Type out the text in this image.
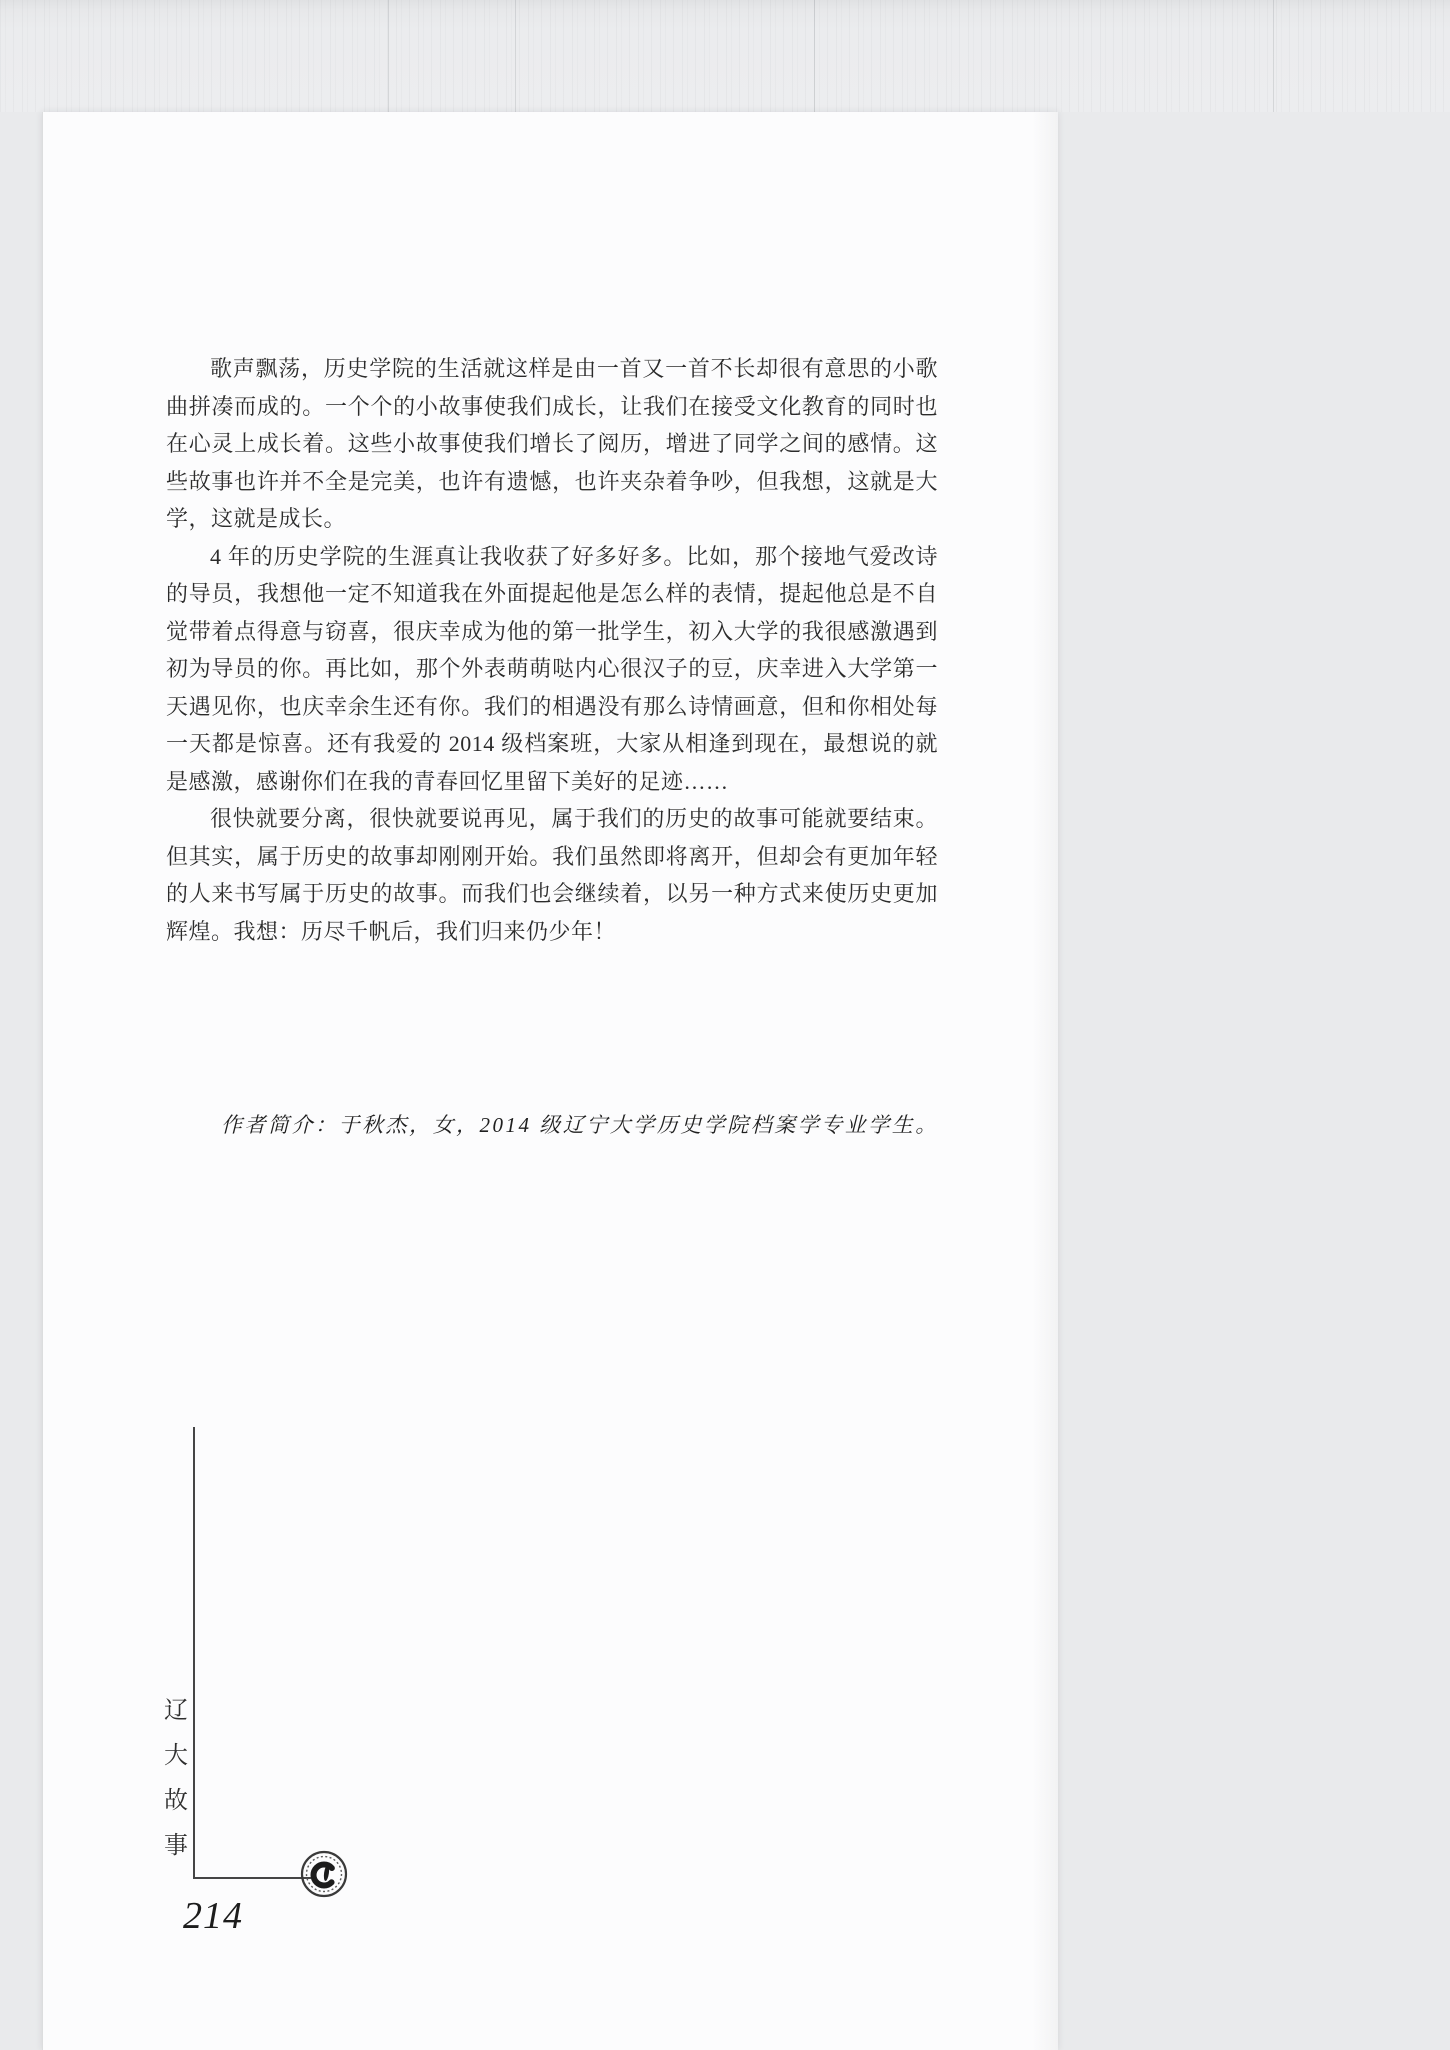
歌声飘荡，历史学院的生活就这样是由一首又一首不长却很有意思的小歌
曲拼凑而成的。一个个的小故事使我们成长，让我们在接受文化教育的同时也
在心灵上成长着。这些小故事使我们增长了阅历，增进了同学之间的感情。这
些故事也许并不全是完美，也许有遗憾，也许夹杂着争吵，但我想，这就是大
学，这就是成长。
4 年的历史学院的生涯真让我收获了好多好多。比如，那个接地气爱改诗
的导员，我想他一定不知道我在外面提起他是怎么样的表情，提起他总是不自
觉带着点得意与窃喜，很庆幸成为他的第一批学生，初入大学的我很感激遇到
初为导员的你。再比如，那个外表萌萌哒内心很汉子的豆，庆幸进入大学第一
天遇见你，也庆幸余生还有你。我们的相遇没有那么诗情画意，但和你相处每
一天都是惊喜。还有我爱的 2014 级档案班，大家从相逢到现在，最想说的就
是感激，感谢你们在我的青春回忆里留下美好的足迹……
很快就要分离，很快就要说再见，属于我们的历史的故事可能就要结束。
但其实，属于历史的故事却刚刚开始。我们虽然即将离开，但却会有更加年轻
的人来书写属于历史的故事。而我们也会继续着，以另一种方式来使历史更加
辉煌。我想：历尽千帆后，我们归来仍少年！
作者简介：于秋杰，女，2014 级辽宁大学历史学院档案学专业学生。
辽
大
故
事
214
